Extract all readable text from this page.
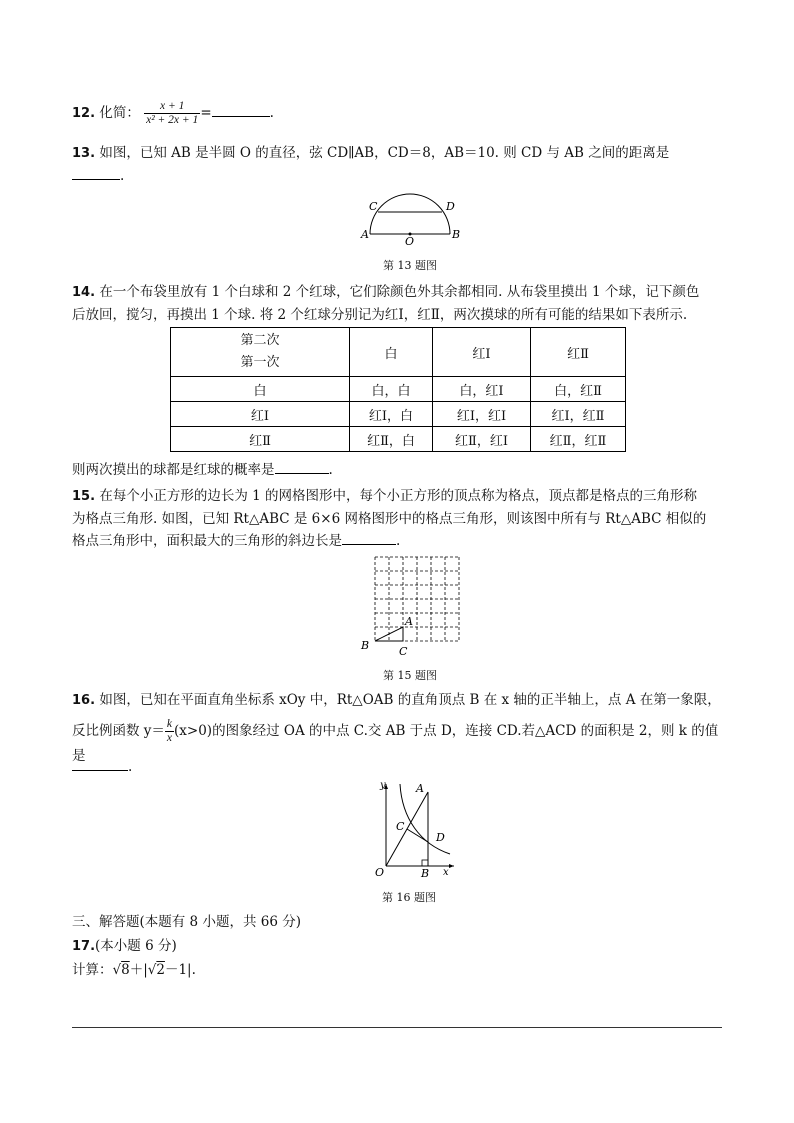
12. 化简： $\frac{x + 1}{\text{x² + 2x + 1}}$ =	.
13. 如图，已知 AB 是半圆 O 的直径，弦 CD∥AB，CD＝8，AB＝10. 则 CD 与 AB 之间的距离是
.
C	D
A
O
B
第 13 题图
14. 在一个布袋里放有 1 个白球和 2 个红球，它们除颜色外其余都相同. 从布袋里摸出 1 个球，记下颜色
后放回，搅匀，再摸出 1 个球. 将 2 个红球分别记为红Ⅰ，红Ⅱ，两次摸球的所有可能的结果如下表所示.
第二次
第一次	白	红Ⅰ	红Ⅱ
白	白，白	白，红Ⅰ	白，红Ⅱ
红Ⅰ	红Ⅰ，白	红Ⅰ，红Ⅰ	红Ⅰ，红Ⅱ
红Ⅱ	红Ⅱ，白	红Ⅱ，红Ⅰ	红Ⅱ，红Ⅱ
则两次摸出的球都是红球的概率是	.
15. 在每个小正方形的边长为 1 的网格图形中，每个小正方形的顶点称为格点，顶点都是格点的三角形称
为格点三角形. 如图，已知 Rt△ABC 是 6×6 网格图形中的格点三角形，则该图中所有与 Rt△ABC 相似的
格点三角形中，面积最大的三角形的斜边长是	.
A
B	C
第 15 题图
16. 如图，已知在平面直角坐标系 xOy 中，Rt△OAB 的直角顶点 B 在 x 轴的正半轴上，点 A 在第一象限，
反比例函数 $y= \frac{k}{x} (x>0)$的图象经过 OA 的中点 C.交 AB 于点 D，连接 CD.若△ACD 的面积是 2，则 k 的值是
.
y	A
C
D
O	B x
第 16 题图
三、解答题(本题有 8 小题，共 66 分)
17.(本小题 6 分)
计算：√8＋|√2－1|.
